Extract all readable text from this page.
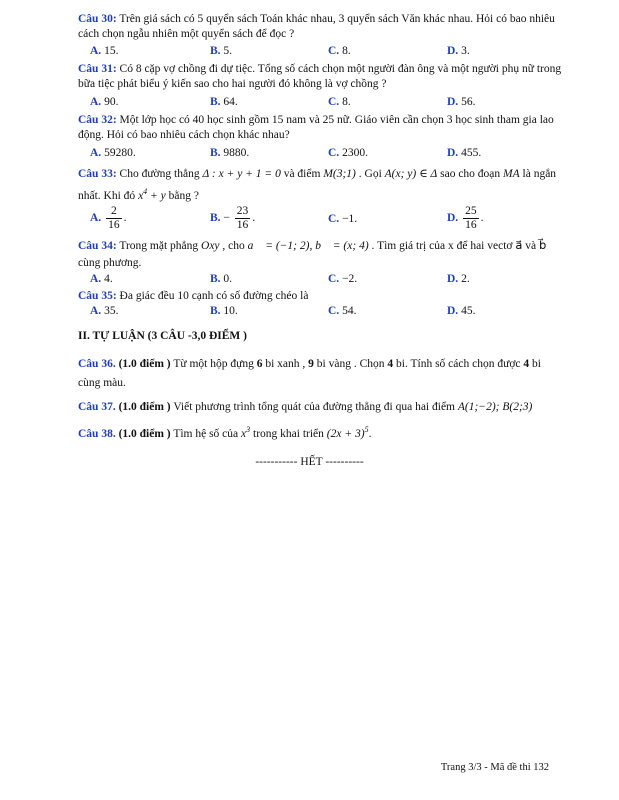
Câu 30: Trên giá sách có 5 quyển sách Toán khác nhau, 3 quyển sách Văn khác nhau. Hỏi có bao nhiêu cách chọn ngẫu nhiên một quyển sách để đọc ?
A. 15.	B. 5.	C. 8.	D. 3.
Câu 31: Có 8 cặp vợ chồng đi dự tiệc. Tổng số cách chọn một người đàn ông và một người phụ nữ trong bữa tiệc phát biểu ý kiến sao cho hai người đó không là vợ chồng ?
A. 90.	B. 64.	C. 8.	D. 56.
Câu 32: Một lớp học có 40 học sinh gồm 15 nam và 25 nữ. Giáo viên cần chọn 3 học sinh tham gia lao động. Hỏi có bao nhiêu cách chọn khác nhau?
A. 59280.	B. 9880.	C. 2300.	D. 455.
Câu 33: Cho đường thẳng Δ : x + y + 1 = 0 và điểm M(3;1) . Gọi A(x; y) ∈ Δ sao cho đoạn MA là ngắn nhất. Khi đó $x^4 + y$ bằng ?
A. $\frac{2}{16}$ .	B. − $\frac{23}{16}$ .	C. −1.	D. $\frac{25}{16}$ .
Câu 34: Trong mặt phẳng Oxy , cho a⃗ = (−1; 2), b⃗ = (x; 4) . Tìm giá trị của x để hai vectơ a⃗ và b⃗ cùng phương.
A. 4.	B. 0.	C. −2.	D. 2.
Câu 35: Đa giác đều 10 cạnh có số đường chéo là
A. 35.	B. 10.	C. 54.	D. 45.
II. TỰ LUẬN (3 CÂU -3,0 ĐIỂM )
Câu 36. (1.0 điểm ) Từ một hộp đựng 6 bi xanh , 9 bi vàng . Chọn 4 bi. Tính số cách chọn được 4 bi cùng màu.
Câu 37. (1.0 điểm ) Viết phương trình tổng quát của đường thẳng đi qua hai điểm A(1;−2); B(2;3)
Câu 38. (1.0 điểm ) Tìm hệ số của $x^3$ trong khai triển $(2x + 3)^5$.
----------- HẾT ----------
Trang 3/3 - Mã đề thi 132
